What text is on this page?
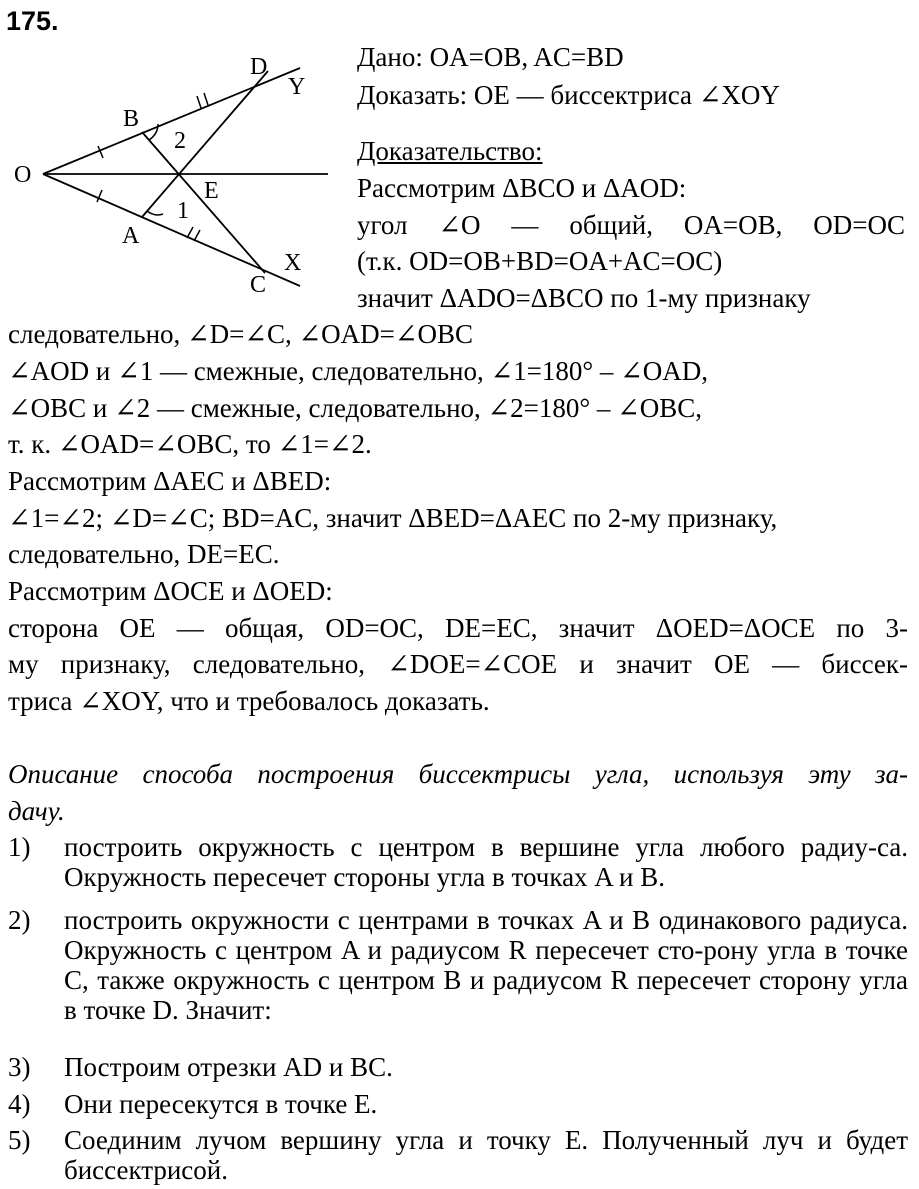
175.
O
B
A
D
Y
E
X
C
2
1
Дано: OA=OB, AC=BD
Доказать: OE — биссектриса ∠XOY
Доказательство:
Рассмотрим ΔBCO и ΔAOD:
угол ∠O — общий, OA=OB, OD=OC
(т.к. OD=OB+BD=OA+AC=OC)
значит ΔADO=ΔBCO по 1-му признаку
следовательно, ∠D=∠C, ∠OAD=∠OBC
∠AOD и ∠1 — смежные, следовательно, ∠1=180° – ∠OAD,
∠OBC и ∠2 — смежные, следовательно, ∠2=180° – ∠OBC,
т. к. ∠OAD=∠OBC, то ∠1=∠2.
Рассмотрим ΔAEC и ΔBED:
∠1=∠2; ∠D=∠C; BD=AC, значит ΔBED=ΔAEC по 2-му признаку,
следовательно, DE=EC.
Рассмотрим ΔOCE и ΔOED:
сторона OE — общая, OD=OC, DE=EC, значит ΔOED=ΔOCE по 3-
му признаку, следовательно, ∠DOE=∠COE и значит OE — биссек-
триса ∠XOY, что и требовалось доказать.
Описание способа построения биссектрисы угла, используя эту за-
дачу.
1) построить окружность с центром в вершине угла любого радиу-са. Окружность пересечет стороны угла в точках A и B.
2) построить окружности с центрами в точках A и B одинакового радиуса. Окружность с центром A и радиусом R пересечет сто-рону угла в точке C, также окружность с центром B и радиусом R пересечет сторону угла в точке D. Значит:
3) Построим отрезки AD и BC.
4) Они пересекутся в точке E.
5) Соединим лучом вершину угла и точку E. Полученный луч и будет биссектрисой.
